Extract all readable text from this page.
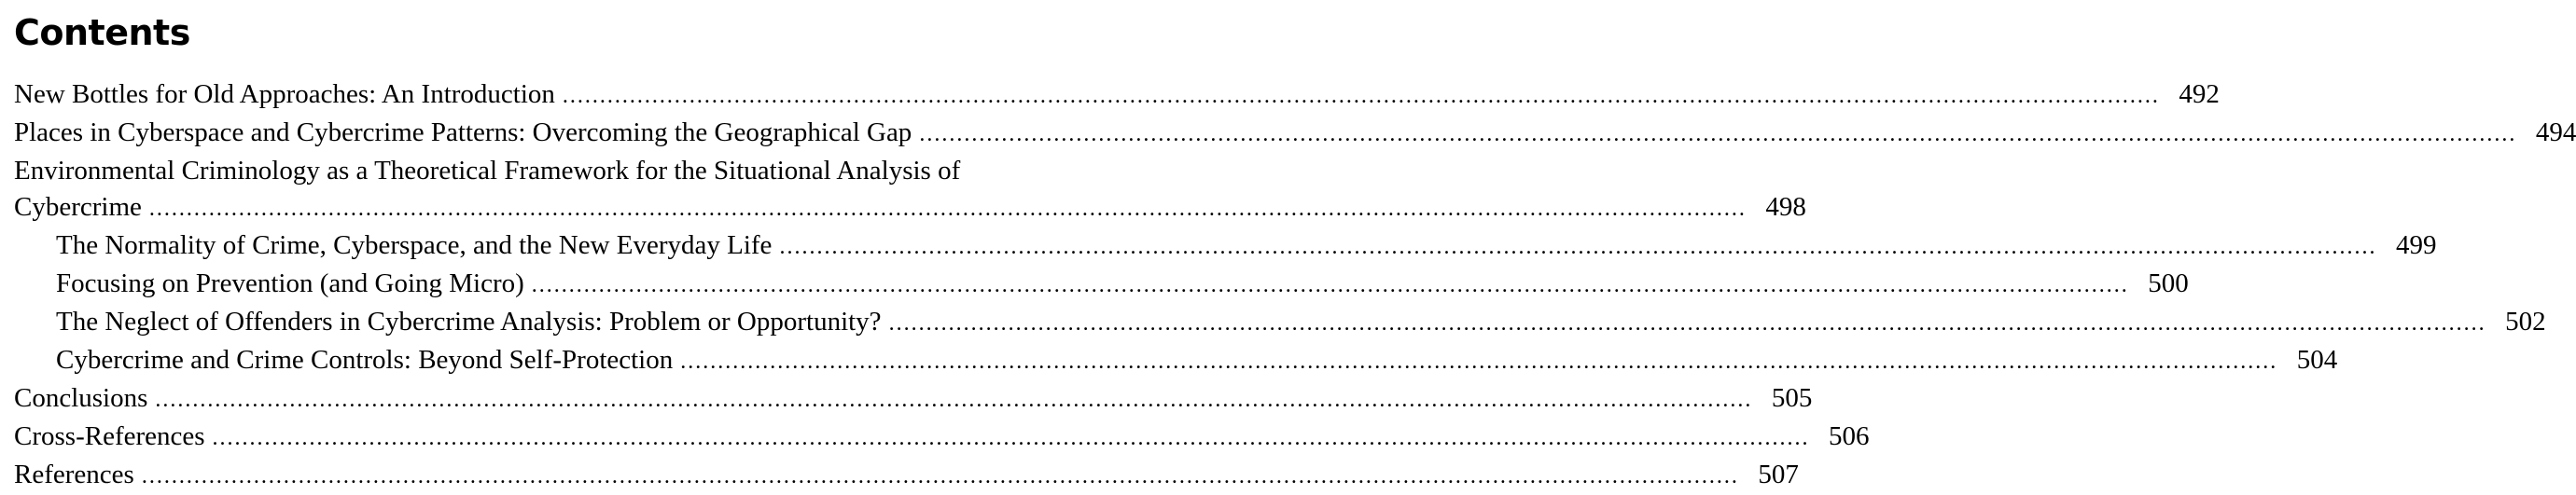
Contents
New Bottles for Old Approaches: An Introduction ...................................................................................................................................................................................................................... 492
Places in Cyberspace and Cybercrime Patterns: Overcoming the Geographical Gap ...................................................................................................................................................................................................................... 494
Environmental Criminology as a Theoretical Framework for the Situational Analysis of
Cybercrime ...................................................................................................................................................................................................................... 498
The Normality of Crime, Cyberspace, and the New Everyday Life ...................................................................................................................................................................................................................... 499
Focusing on Prevention (and Going Micro) ...................................................................................................................................................................................................................... 500
The Neglect of Offenders in Cybercrime Analysis: Problem or Opportunity? ...................................................................................................................................................................................................................... 502
Cybercrime and Crime Controls: Beyond Self-Protection ...................................................................................................................................................................................................................... 504
Conclusions ...................................................................................................................................................................................................................... 505
Cross-References ...................................................................................................................................................................................................................... 506
References ...................................................................................................................................................................................................................... 507
